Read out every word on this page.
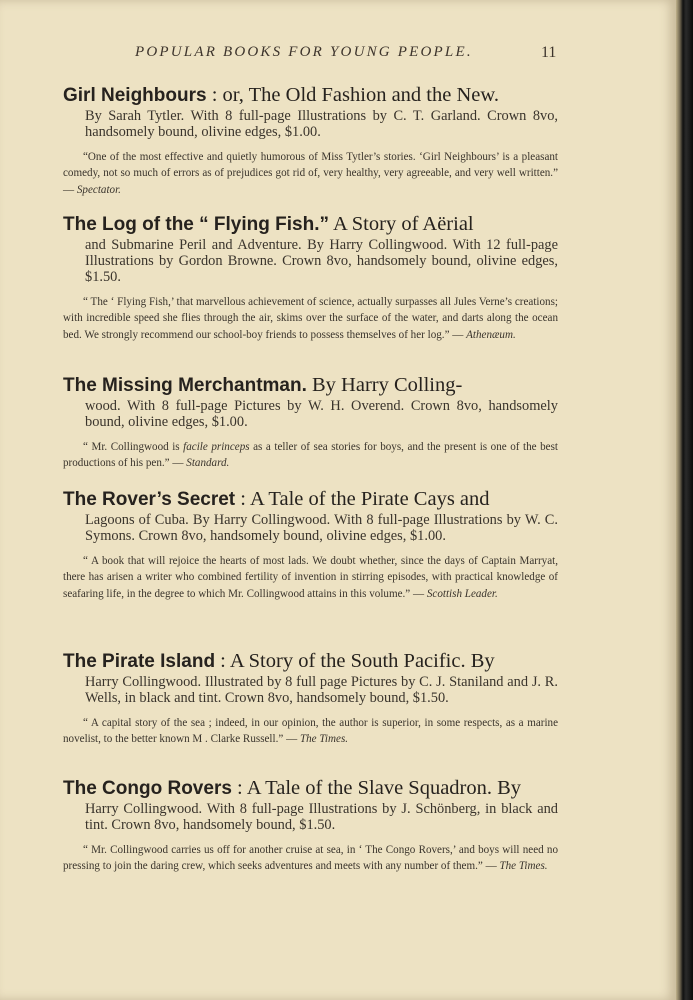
POPULAR BOOKS FOR YOUNG PEOPLE.	11

Girl Neighbours : or, The Old Fashion and the New.

By Sarah Tytler. With 8 full-page Illustrations by C. T. Garland. Crown 8vo, handsomely bound, olivine edges, $1.00.

“One of the most effective and quietly humorous of Miss Tytler’s stories. ‘Girl Neighbours’ is a pleasant comedy, not so much of errors as of prejudices got rid of, very healthy, very agreeable, and very well written.” — Spectator.

The Log of the “ Flying Fish.” A Story of Aërial

and Submarine Peril and Adventure. By Harry Collingwood. With 12 full-page Illustrations by Gordon Browne. Crown 8vo, handsomely bound, olivine edges, $1.50.

“ The ‘ Flying Fish,’ that marvellous achievement of science, actually surpasses all Jules Verne’s creations; with incredible speed she flies through the air, skims over the surface of the water, and darts along the ocean bed. We strongly recommend our school-boy friends to possess themselves of her log.” — Athenæum.

The Missing Merchantman. By Harry Colling-

wood. With 8 full-page Pictures by W. H. Overend. Crown 8vo, handsomely bound, olivine edges, $1.00.

“ Mr. Collingwood is facile princeps as a teller of sea stories for boys, and the present is one of the best productions of his pen.” — Standard.

The Rover’s Secret : A Tale of the Pirate Cays and

Lagoons of Cuba. By Harry Collingwood. With 8 full-page Illustrations by W. C. Symons. Crown 8vo, handsomely bound, olivine edges, $1.00.

“ A book that will rejoice the hearts of most lads. We doubt whether, since the days of Captain Marryat, there has arisen a writer who combined fertility of invention in stirring episodes, with practical knowledge of seafaring life, in the degree to which Mr. Collingwood attains in this volume.” — Scottish Leader.

The Pirate Island : A Story of the South Pacific. By

Harry Collingwood. Illustrated by 8 full page Pictures by C. J. Staniland and J. R. Wells, in black and tint. Crown 8vo, handsomely bound, $1.50.

“ A capital story of the sea ; indeed, in our opinion, the author is superior, in some respects, as a marine novelist, to the better known M . Clarke Russell.” — The Times.

The Congo Rovers : A Tale of the Slave Squadron. By

Harry Collingwood. With 8 full-page Illustrations by J. Schönberg, in black and tint. Crown 8vo, handsomely bound, $1.50.

“ Mr. Collingwood carries us off for another cruise at sea, in ‘ The Congo Rovers,’ and boys will need no pressing to join the daring crew, which seeks adventures and meets with any number of them.” — The Times.
